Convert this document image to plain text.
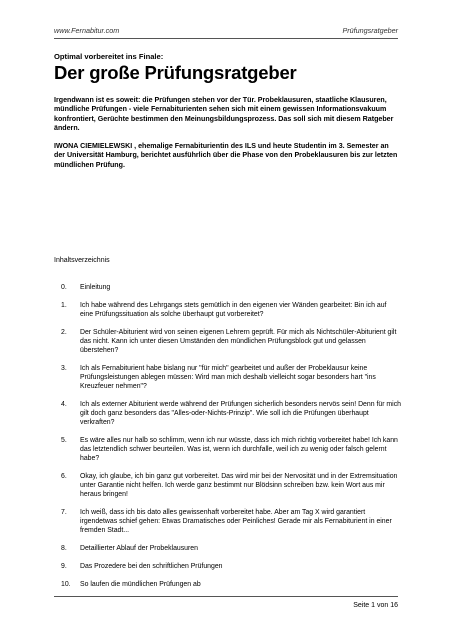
www.Fernabitur.com	Prüfungsratgeber
Optimal vorbereitet ins Finale:
Der große Prüfungsratgeber

Irgendwann ist es soweit: die Prüfungen stehen vor der Tür. Probeklausuren, staatliche Klausuren, mündliche Prüfungen - viele Fernabiturienten sehen sich mit einem gewissen Informationsvakuum konfrontiert, Gerüchte bestimmen den Meinungsbildungsprozess. Das soll sich mit diesem Ratgeber ändern.

IWONA CIEMIELEWSKI , ehemalige Fernabiturientin des ILS und heute Studentin im 3. Semester an der Universität Hamburg, berichtet ausführlich über die Phase von den Probeklausuren bis zur letzten mündlichen Prüfung.

Inhaltsverzeichnis
0.	Einleitung
1.	Ich habe während des Lehrgangs stets gemütlich in den eigenen vier Wänden gearbeitet: Bin ich auf eine Prüfungssituation als solche überhaupt gut vorbereitet?
2.	Der Schüler-Abiturient wird von seinen eigenen Lehrern geprüft. Für mich als Nichtschüler-Abiturient gilt das nicht. Kann ich unter diesen Umständen den mündlichen Prüfungsblock gut und gelassen überstehen?
3.	Ich als Fernabiturient habe bislang nur "für mich" gearbeitet und außer der Probeklausur keine Prüfungsleistungen ablegen müssen: Wird man mich deshalb vielleicht sogar besonders hart "ins Kreuzfeuer nehmen"?
4.	Ich als externer Abiturient werde während der Prüfungen sicherlich besonders nervös sein! Denn für mich gilt doch ganz besonders das "Alles-oder-Nichts-Prinzip". Wie soll ich die Prüfungen überhaupt verkraften?
5.	Es wäre alles nur halb so schlimm, wenn ich nur wüsste, dass ich mich richtig vorbereitet habe! Ich kann das letztendlich schwer beurteilen. Was ist, wenn ich durchfalle, weil ich zu wenig oder falsch gelernt habe?
6.	Okay, ich glaube, ich bin ganz gut vorbereitet. Das wird mir bei der Nervosität und in der Extremsituation unter Garantie nicht helfen. Ich werde ganz bestimmt nur Blödsinn schreiben bzw. kein Wort aus mir heraus bringen!
7.	Ich weiß, dass ich bis dato alles gewissenhaft vorbereitet habe. Aber am Tag X wird garantiert irgendetwas schief gehen: Etwas Dramatisches oder Peinliches! Gerade mir als Fernabiturient in einer fremden Stadt...
8.	Detaillierter Ablauf der Probeklausuren
9.	Das Prozedere bei den schriftlichen Prüfungen
10.	So laufen die mündlichen Prüfungen ab
Seite 1 von 16
